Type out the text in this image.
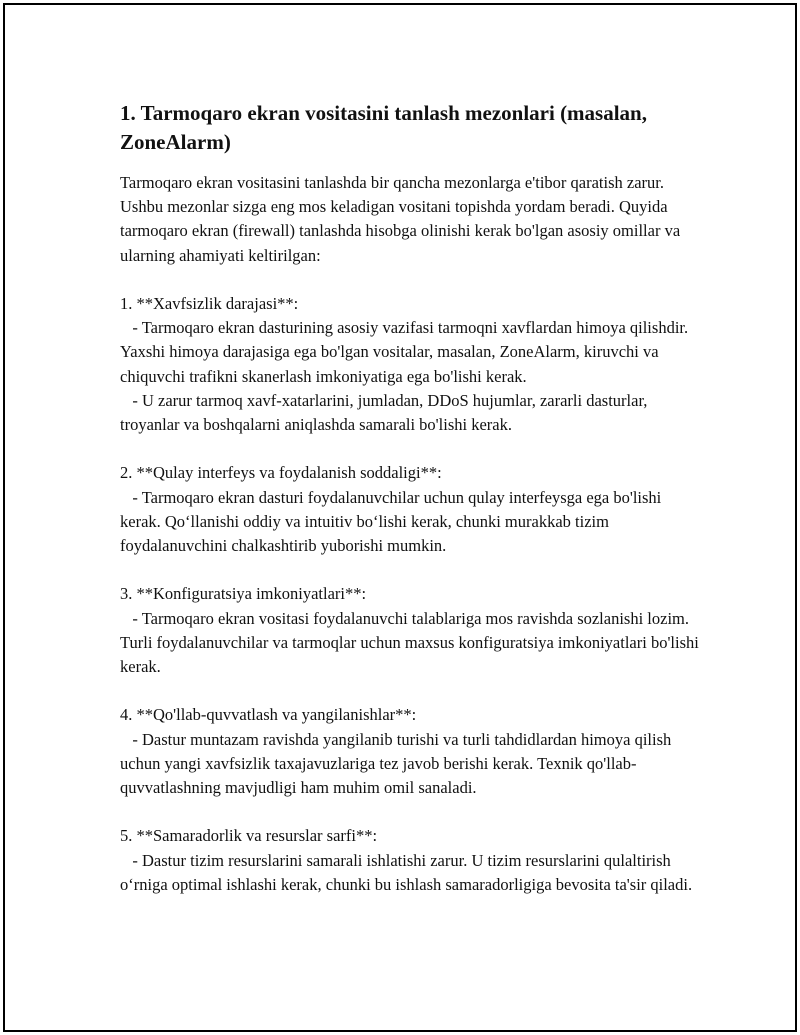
1. Tarmoqaro ekran vositasini tanlash mezonlari (masalan, ZoneAlarm)

Tarmoqaro ekran vositasini tanlashda bir qancha mezonlarga e'tibor qaratish zarur. Ushbu mezonlar sizga eng mos keladigan vositani topishda yordam beradi. Quyida tarmoqaro ekran (firewall) tanlashda hisobga olinishi kerak bo'lgan asosiy omillar va ularning ahamiyati keltirilgan:

1. **Xavfsizlik darajasi**:

- Tarmoqaro ekran dasturining asosiy vazifasi tarmoqni xavflardan himoya qilishdir. Yaxshi himoya darajasiga ega bo'lgan vositalar, masalan, ZoneAlarm, kiruvchi va chiquvchi trafikni skanerlash imkoniyatiga ega bo'lishi kerak.

- U zarur tarmoq xavf-xatarlarini, jumladan, DDoS hujumlar, zararli dasturlar, troyanlar va boshqalarni aniqlashda samarali bo'lishi kerak.

2. **Qulay interfeys va foydalanish soddaligi**:

- Tarmoqaro ekran dasturi foydalanuvchilar uchun qulay interfeysga ega bo'lishi kerak. Qo‘llanishi oddiy va intuitiv bo‘lishi kerak, chunki murakkab tizim foydalanuvchini chalkashtirib yuborishi mumkin.

3. **Konfiguratsiya imkoniyatlari**:

- Tarmoqaro ekran vositasi foydalanuvchi talablariga mos ravishda sozlanishi lozim. Turli foydalanuvchilar va tarmoqlar uchun maxsus konfiguratsiya imkoniyatlari bo'lishi kerak.

4. **Qo'llab-quvvatlash va yangilanishlar**:

- Dastur muntazam ravishda yangilanib turishi va turli tahdidlardan himoya qilish uchun yangi xavfsizlik taxajavuzlariga tez javob berishi kerak. Texnik qo'llab-quvvatlashning mavjudligi ham muhim omil sanaladi.

5. **Samaradorlik va resurslar sarfi**:

- Dastur tizim resurslarini samarali ishlatishi zarur. U tizim resurslarini qulaltirish o‘rniga optimal ishlashi kerak, chunki bu ishlash samaradorligiga bevosita ta'sir qiladi.
